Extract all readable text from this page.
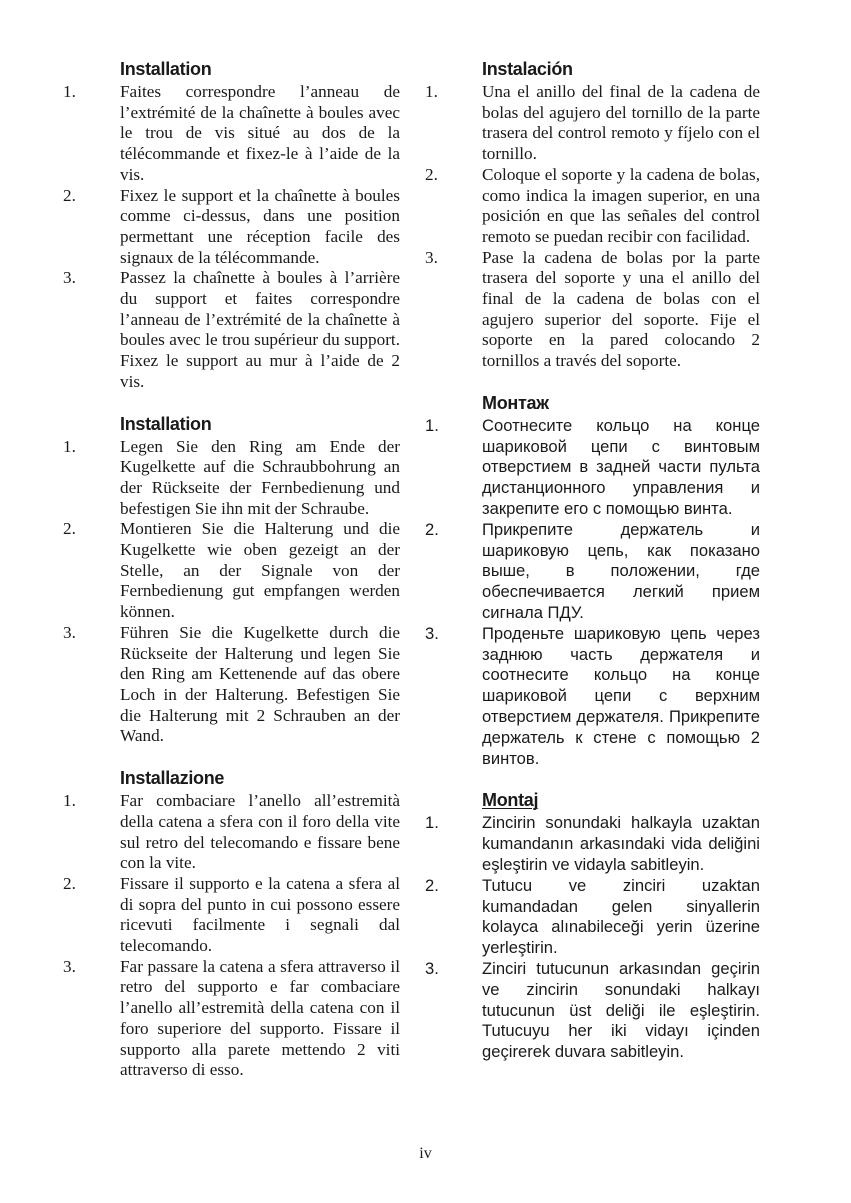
Installation
1.	Faites correspondre l’anneau de l’extrémité de la chaînette à boules avec le trou de vis situé au dos de la télécommande et fixez-le à l’aide de la vis.
2.	Fixez le support et la chaînette à boules comme ci-dessus, dans une position permettant une réception facile des signaux de la télécommande.
3.	Passez la chaînette à boules à l’arrière du support et faites correspondre l’anneau de l’extrémité de la chaînette à boules avec le trou supérieur du support. Fixez le support au mur à l’aide de 2 vis.
Installation
1.	Legen Sie den Ring am Ende der Kugelkette auf die Schraubbohrung an der Rückseite der Fernbedienung und befestigen Sie ihn mit der Schraube.
2.	Montieren Sie die Halterung und die Kugelkette wie oben gezeigt an der Stelle, an der Signale von der Fernbedienung gut empfangen werden können.
3.	Führen Sie die Kugelkette durch die Rückseite der Halterung und legen Sie den Ring am Kettenende auf das obere Loch in der Halterung. Befestigen Sie die Halterung mit 2 Schrauben an der Wand.
Installazione
1.	Far combaciare l’anello all’estremità della catena a sfera con il foro della vite sul retro del telecomando e fissare bene con la vite.
2.	Fissare il supporto e la catena a sfera al di sopra del punto in cui possono essere ricevuti facilmente i segnali dal telecomando.
3.	Far passare la catena a sfera attraverso il retro del supporto e far combaciare l’anello all’estremità della catena con il foro superiore del supporto. Fissare il supporto alla parete mettendo 2 viti attraverso di esso.
Instalación
1.	Una el anillo del final de la cadena de bolas del agujero del tornillo de la parte trasera del control remoto y fíjelo con el tornillo.
2.	Coloque el soporte y la cadena de bolas, como indica la imagen superior, en una posición en que las señales del control remoto se puedan recibir con facilidad.
3.	Pase la cadena de bolas por la parte trasera del soporte y una el anillo del final de la cadena de bolas con el agujero superior del soporte. Fije el soporte en la pared colocando 2 tornillos a través del soporte.
Монтаж
1.	Соотнесите кольцо на конце шариковой цепи с винтовым отверстием в задней части пульта дистанционного управления и закрепите его с помощью винта.
2.	Прикрепите держатель и шариковую цепь, как показано выше, в положении, где обеспечивается легкий прием сигнала ПДУ.
3.	Проденьте шариковую цепь через заднюю часть держателя и соотнесите кольцо на конце шариковой цепи с верхним отверстием держателя. Прикрепите держатель к стене с помощью 2 винтов.
Montaj
1.	Zincirin sonundaki halkayla uzaktan kumandanın arkasındaki vida deliğini eşleştirin ve vidayla sabitleyin.
2.	Tutucu ve zinciri uzaktan kumandadan gelen sinyallerin kolayca alınabileceği yerin üzerine yerleştirin.
3.	Zinciri tutucunun arkasından geçirin ve zincirin sonundaki halkayı tutucunun üst deliği ile eşleştirin. Tutucuyu her iki vidayı içinden geçirerek duvara sabitleyin.
iv
